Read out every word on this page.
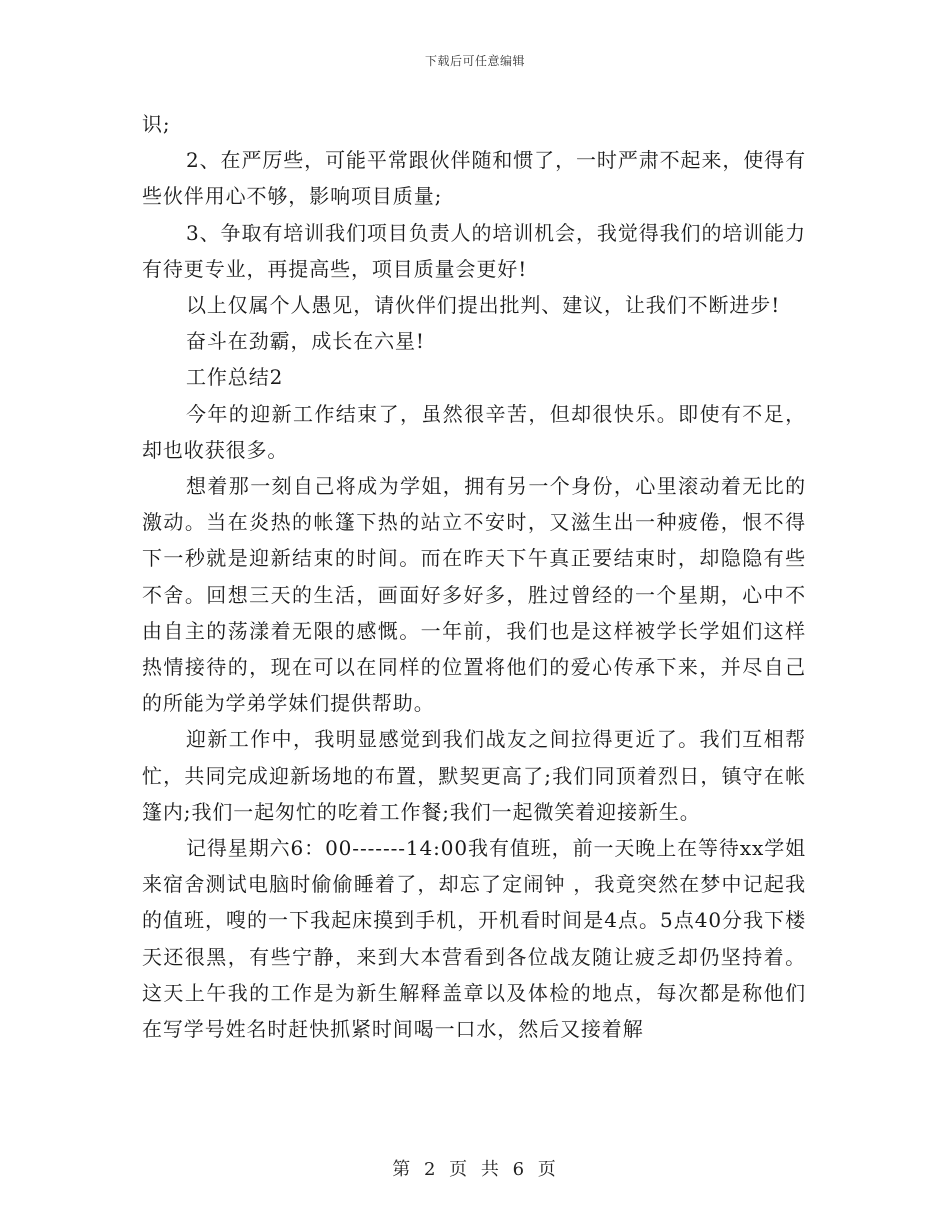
下载后可任意编辑

识;

2、在严厉些，可能平常跟伙伴随和惯了，一时严肃不起来，使得有些伙伴用心不够，影响项目质量;

3、争取有培训我们项目负责人的培训机会，我觉得我们的培训能力有待更专业，再提高些，项目质量会更好!

以上仅属个人愚见，请伙伴们提出批判、建议，让我们不断进步!

奋斗在劲霸，成长在六星!

工作总结2

今年的迎新工作结束了，虽然很辛苦，但却很快乐。即使有不足，却也收获很多。

想着那一刻自己将成为学姐，拥有另一个身份，心里滚动着无比的激动。当在炎热的帐篷下热的站立不安时，又滋生出一种疲倦，恨不得下一秒就是迎新结束的时间。而在昨天下午真正要结束时，却隐隐有些不舍。回想三天的生活，画面好多好多，胜过曾经的一个星期，心中不由自主的荡漾着无限的感慨。一年前，我们也是这样被学长学姐们这样热情接待的，现在可以在同样的位置将他们的爱心传承下来，并尽自己的所能为学弟学妹们提供帮助。

迎新工作中，我明显感觉到我们战友之间拉得更近了。我们互相帮忙，共同完成迎新场地的布置，默契更高了;我们同顶着烈日，镇守在帐篷内;我们一起匆忙的吃着工作餐;我们一起微笑着迎接新生。

记得星期六6：00-------14:00我有值班，前一天晚上在等待xx学姐来宿舍测试电脑时偷偷睡着了，却忘了定闹钟 ，我竟突然在梦中记起我的值班，嗖的一下我起床摸到手机，开机看时间是4点。5点40分我下楼天还很黑，有些宁静，来到大本营看到各位战友随让疲乏却仍坚持着。这天上午我的工作是为新生解释盖章以及体检的地点，每次都是称他们在写学号姓名时赶快抓紧时间喝一口水，然后又接着解

第 2 页 共 6 页
